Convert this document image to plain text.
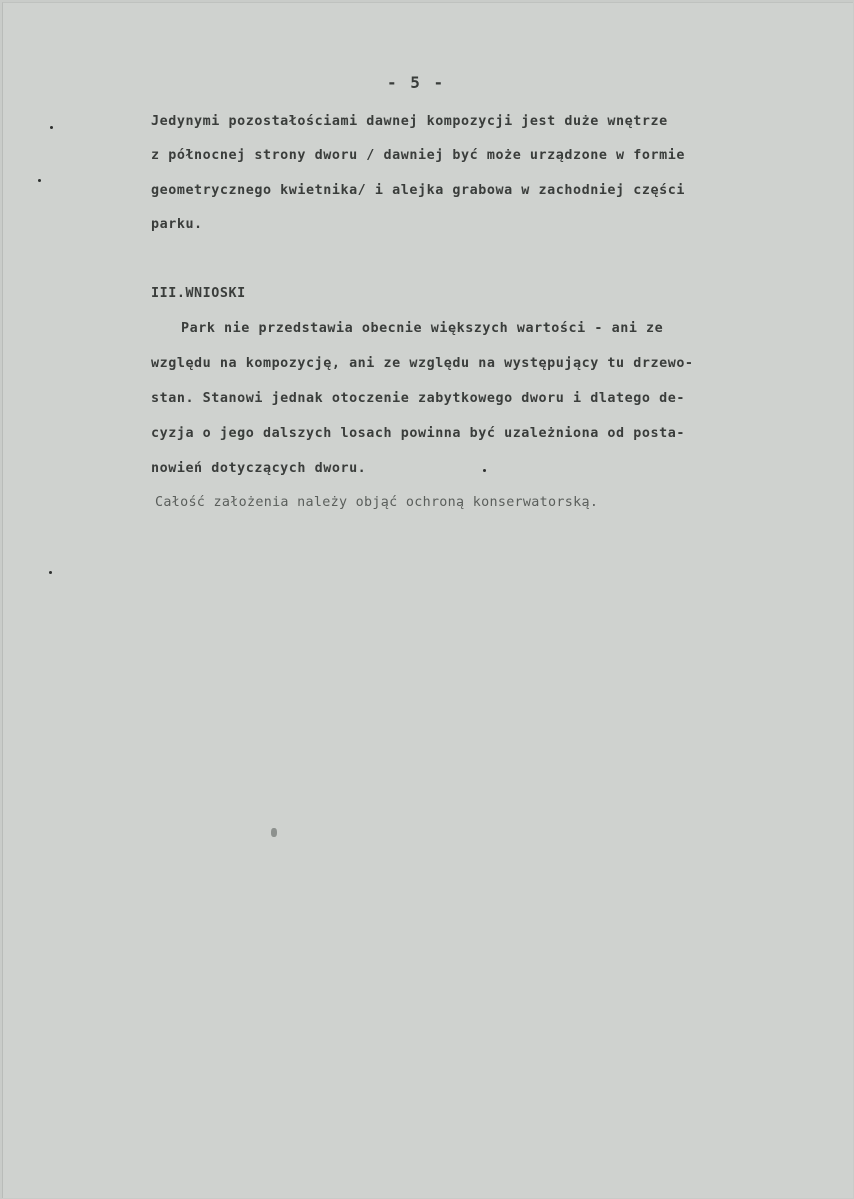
- 5 -
Jedynymi pozostałościami dawnej kompozycji jest duże wnętrze
z północnej strony dworu / dawniej być może urządzone w formie
geometrycznego kwietnika/ i alejka grabowa w zachodniej części
parku.
III.WNIOSKI
Park nie przedstawia obecnie większych wartości - ani ze
względu na kompozycję, ani ze względu na występujący tu drzewo-
stan. Stanowi jednak otoczenie zabytkowego dworu i dlatego de-
cyzja o jego dalszych losach powinna być uzależniona od posta-
nowień dotyczących dworu.
Całość założenia należy objąć ochroną konserwatorską.
